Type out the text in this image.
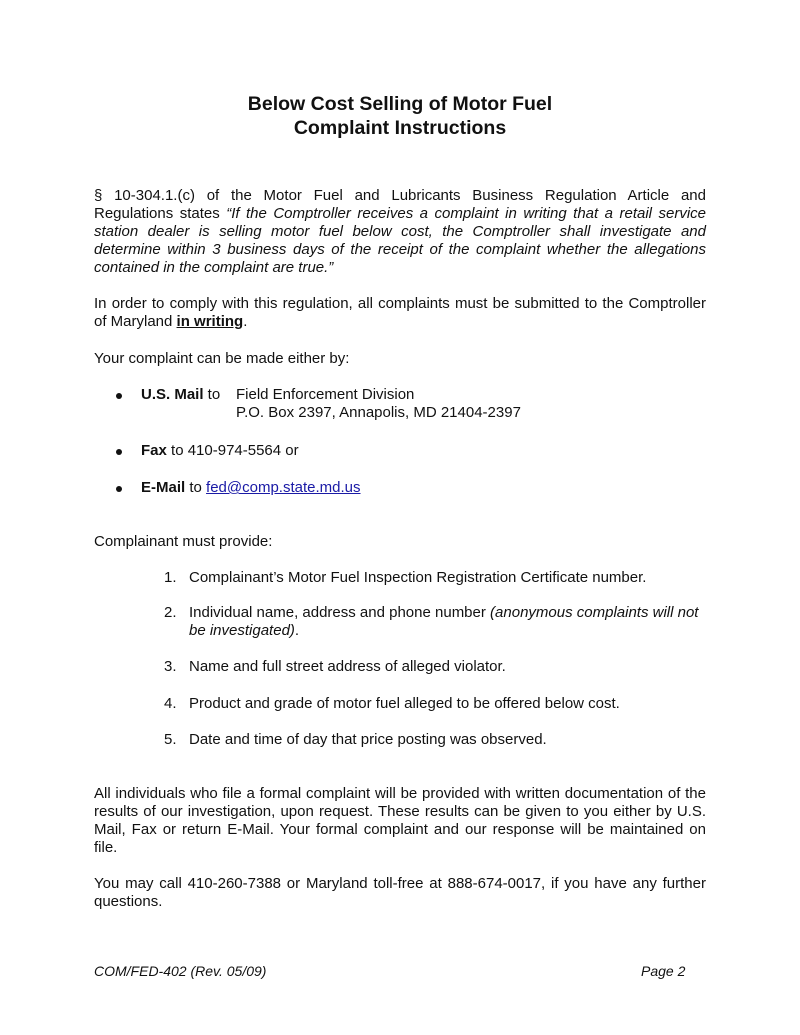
Below Cost Selling of Motor Fuel
Complaint Instructions
§ 10-304.1.(c) of the Motor Fuel and Lubricants Business Regulation Article and Regulations states “If the Comptroller receives a complaint in writing that a retail service station dealer is selling motor fuel below cost, the Comptroller shall investigate and determine within 3 business days of the receipt of the complaint whether the allegations contained in the complaint are true.”
In order to comply with this regulation, all complaints must be submitted to the Comptroller of Maryland in writing.
Your complaint can be made either by:
U.S. Mail to Field Enforcement Division
P.O. Box 2397, Annapolis, MD 21404-2397
Fax to 410-974-5564 or
E-Mail to fed@comp.state.md.us
Complainant must provide:
1. Complainant’s Motor Fuel Inspection Registration Certificate number.
2. Individual name, address and phone number (anonymous complaints will not be investigated).
3. Name and full street address of alleged violator.
4. Product and grade of motor fuel alleged to be offered below cost.
5. Date and time of day that price posting was observed.
All individuals who file a formal complaint will be provided with written documentation of the results of our investigation, upon request. These results can be given to you either by U.S. Mail, Fax or return E-Mail. Your formal complaint and our response will be maintained on file.
You may call 410-260-7388 or Maryland toll-free at 888-674-0017, if you have any further questions.
COM/FED-402 (Rev. 05/09)	Page 2
